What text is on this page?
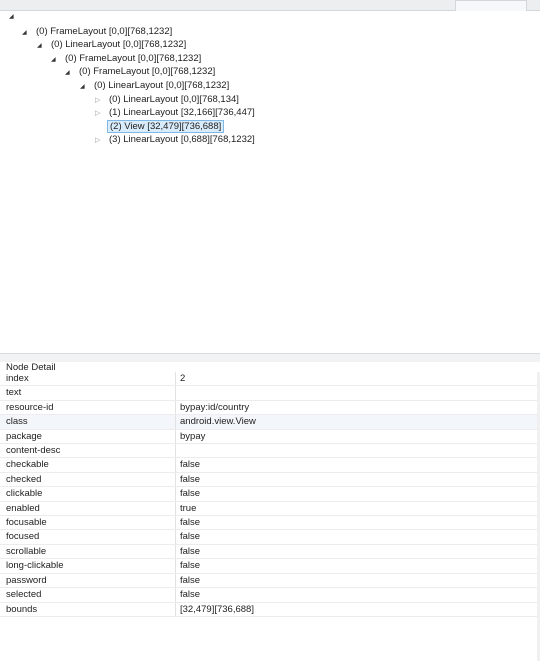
◢
◢ (0) FrameLayout [0,0][768,1232]
◢ (0) LinearLayout [0,0][768,1232]
◢ (0) FrameLayout [0,0][768,1232]
◢ (0) FrameLayout [0,0][768,1232]
◢ (0) LinearLayout [0,0][768,1232]
▷ (0) LinearLayout [0,0][768,134]
▷ (1) LinearLayout [32,166][736,447]
(2) View [32,479][736,688]
▷ (3) LinearLayout [0,688][768,1232]
Node Detail
index	2
text	
resource-id	bypay:id/country
class	android.view.View
package	bypay
content-desc	
checkable	false
checked	false
clickable	false
enabled	true
focusable	false
focused	false
scrollable	false
long-clickable	false
password	false
selected	false
bounds	[32,479][736,688]
